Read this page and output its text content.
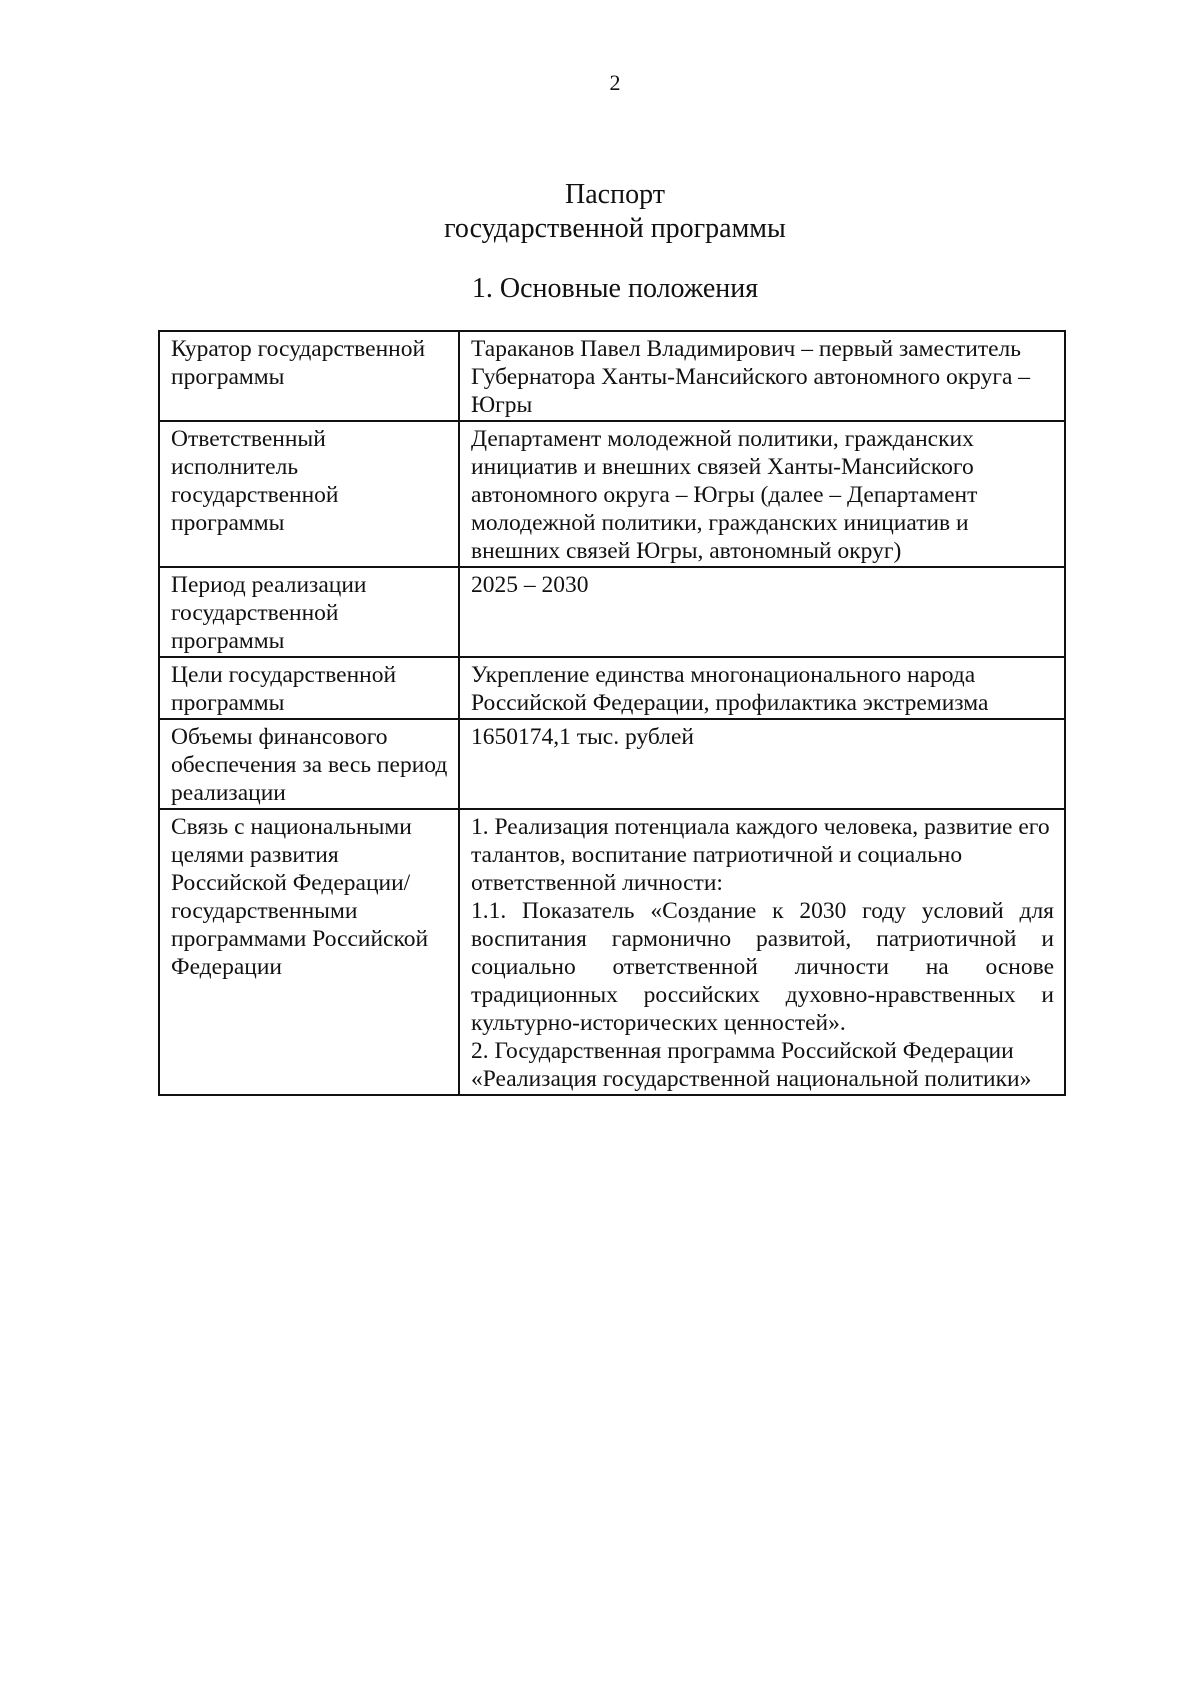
2
Паспорт
государственной программы
1. Основные положения
Куратор государственной программы	Тараканов Павел Владимирович – первый заместитель Губернатора Ханты-Мансийского автономного округа – Югры
Ответственный исполнитель государственной программы	Департамент молодежной политики, гражданских инициатив и внешних связей Ханты-Мансийского автономного округа – Югры (далее – Департамент молодежной политики, гражданских инициатив и внешних связей Югры, автономный округ)
Период реализации государственной программы	2025 – 2030
Цели государственной программы	Укрепление единства многонационального народа Российской Федерации, профилактика экстремизма
Объемы финансового обеспечения за весь период реализации	1650174,1 тыс. рублей
Связь с национальными целями развития Российской Федерации/ государственными программами Российской Федерации	1. Реализация потенциала каждого человека, развитие его талантов, воспитание патриотичной и социально ответственной личности:
1.1. Показатель «Создание к 2030 году условий для воспитания гармонично развитой, патриотичной и социально ответственной личности на основе традиционных российских духовно-нравственных и
культурно-исторических ценностей».
2. Государственная программа Российской Федерации «Реализация государственной национальной политики»
